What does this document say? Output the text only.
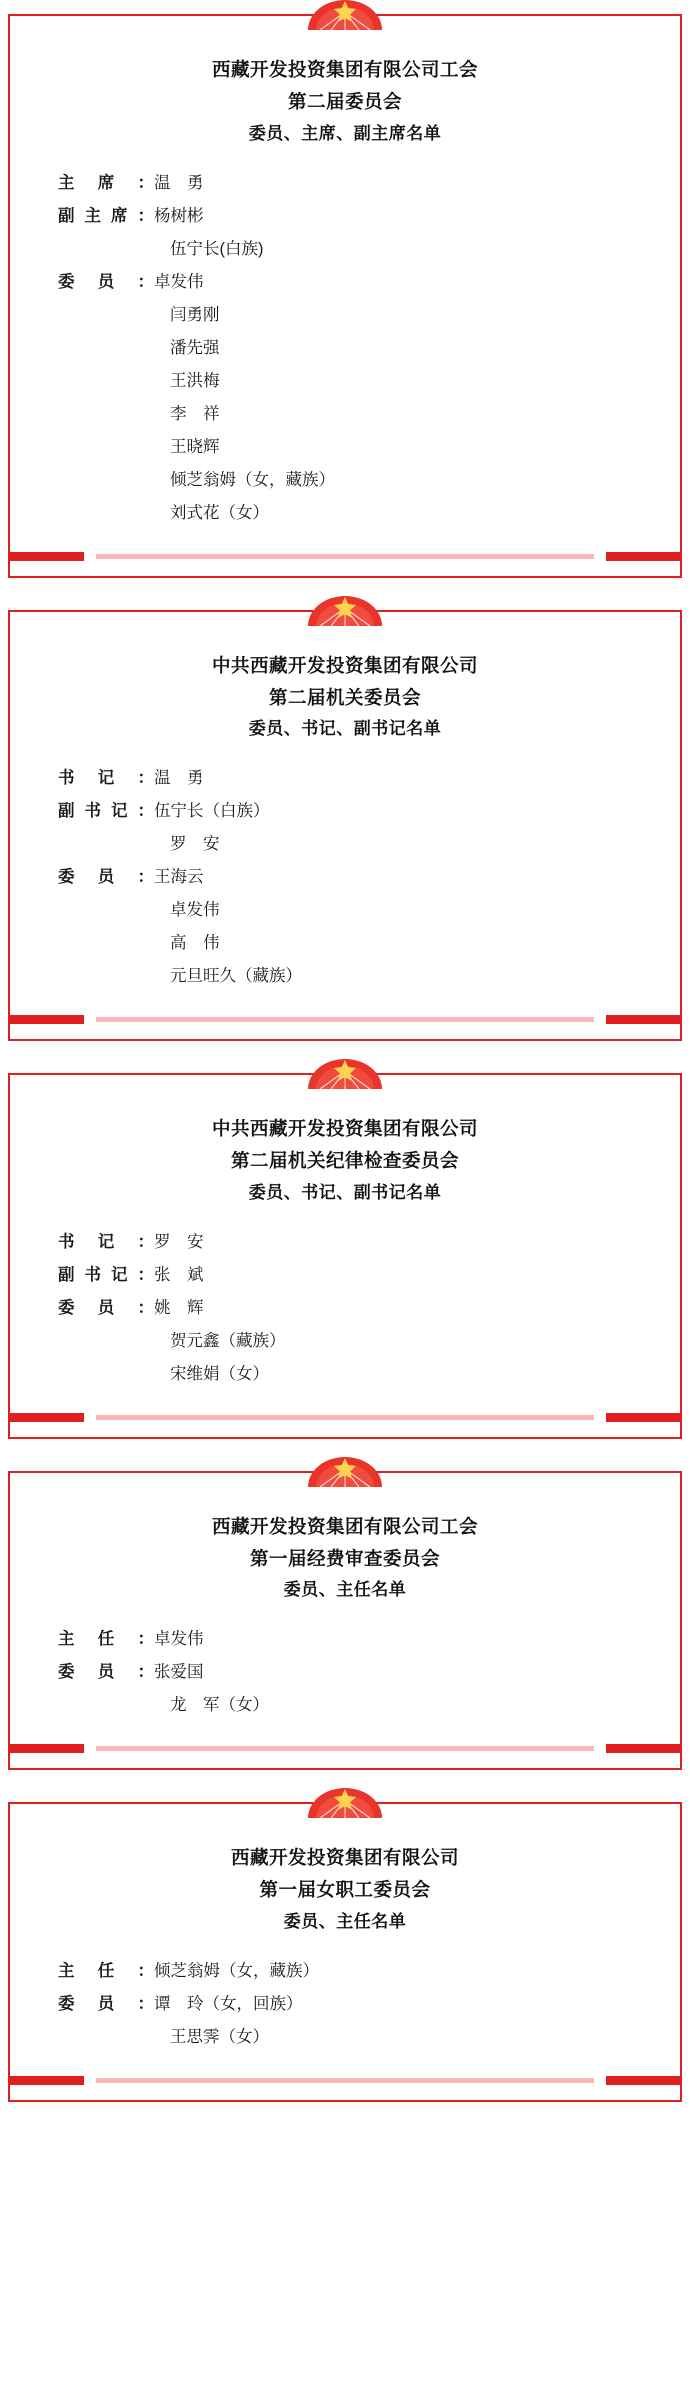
西藏开发投资集团有限公司工会
第二届委员会
委员、主席、副主席名单
主 席 ： 温　勇
副 主 席 ： 杨树彬
伍宁长(白族)
委 员 ： 卓发伟
闫勇刚
潘先强
王洪梅
李　祥
王晓辉
倾芝翁姆（女，藏族）
刘式花（女）
中共西藏开发投资集团有限公司
第二届机关委员会
委员、书记、副书记名单
书 记 ： 温　勇
副 书 记 ： 伍宁长（白族）
罗　安
委 员 ： 王海云
卓发伟
高　伟
元旦旺久（藏族）
中共西藏开发投资集团有限公司
第二届机关纪律检查委员会
委员、书记、副书记名单
书 记 ： 罗　安
副 书 记 ： 张　斌
委 员 ： 姚　辉
贺元鑫（藏族）
宋维娟（女）
西藏开发投资集团有限公司工会
第一届经费审查委员会
委员、主任名单
主 任 ： 卓发伟
委 员 ： 张爱国
龙　军（女）
西藏开发投资集团有限公司
第一届女职工委员会
委员、主任名单
主 任 ： 倾芝翁姆（女，藏族）
委 员 ： 谭　玲（女，回族）
王思霁（女）
